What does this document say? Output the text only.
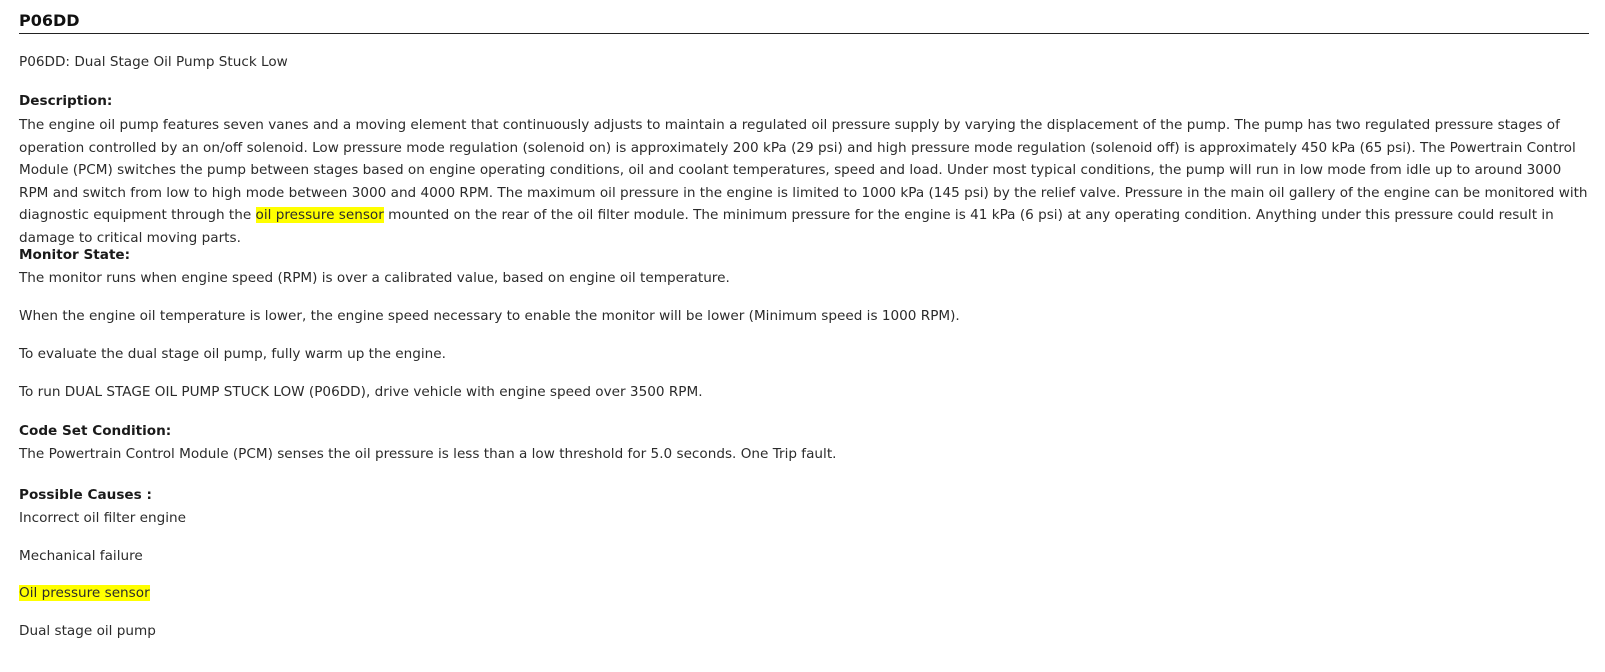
P06DD
P06DD: Dual Stage Oil Pump Stuck Low
Description:
The engine oil pump features seven vanes and a moving element that continuously adjusts to maintain a regulated oil pressure supply by varying the displacement of the pump. The pump has two regulated pressure stages of operation controlled by an on/off solenoid. Low pressure mode regulation (solenoid on) is approximately 200 kPa (29 psi) and high pressure mode regulation (solenoid off) is approximately 450 kPa (65 psi). The Powertrain Control Module (PCM) switches the pump between stages based on engine operating conditions, oil and coolant temperatures, speed and load. Under most typical conditions, the pump will run in low mode from idle up to around 3000 RPM and switch from low to high mode between 3000 and 4000 RPM. The maximum oil pressure in the engine is limited to 1000 kPa (145 psi) by the relief valve. Pressure in the main oil gallery of the engine can be monitored with diagnostic equipment through the oil pressure sensor mounted on the rear of the oil filter module. The minimum pressure for the engine is 41 kPa (6 psi) at any operating condition. Anything under this pressure could result in damage to critical moving parts.
Monitor State:
The monitor runs when engine speed (RPM) is over a calibrated value, based on engine oil temperature.
When the engine oil temperature is lower, the engine speed necessary to enable the monitor will be lower (Minimum speed is 1000 RPM).
To evaluate the dual stage oil pump, fully warm up the engine.
To run DUAL STAGE OIL PUMP STUCK LOW (P06DD), drive vehicle with engine speed over 3500 RPM.
Code Set Condition:
The Powertrain Control Module (PCM) senses the oil pressure is less than a low threshold for 5.0 seconds. One Trip fault.
Possible Causes :
Incorrect oil filter engine
Mechanical failure
Oil pressure sensor
Dual stage oil pump
